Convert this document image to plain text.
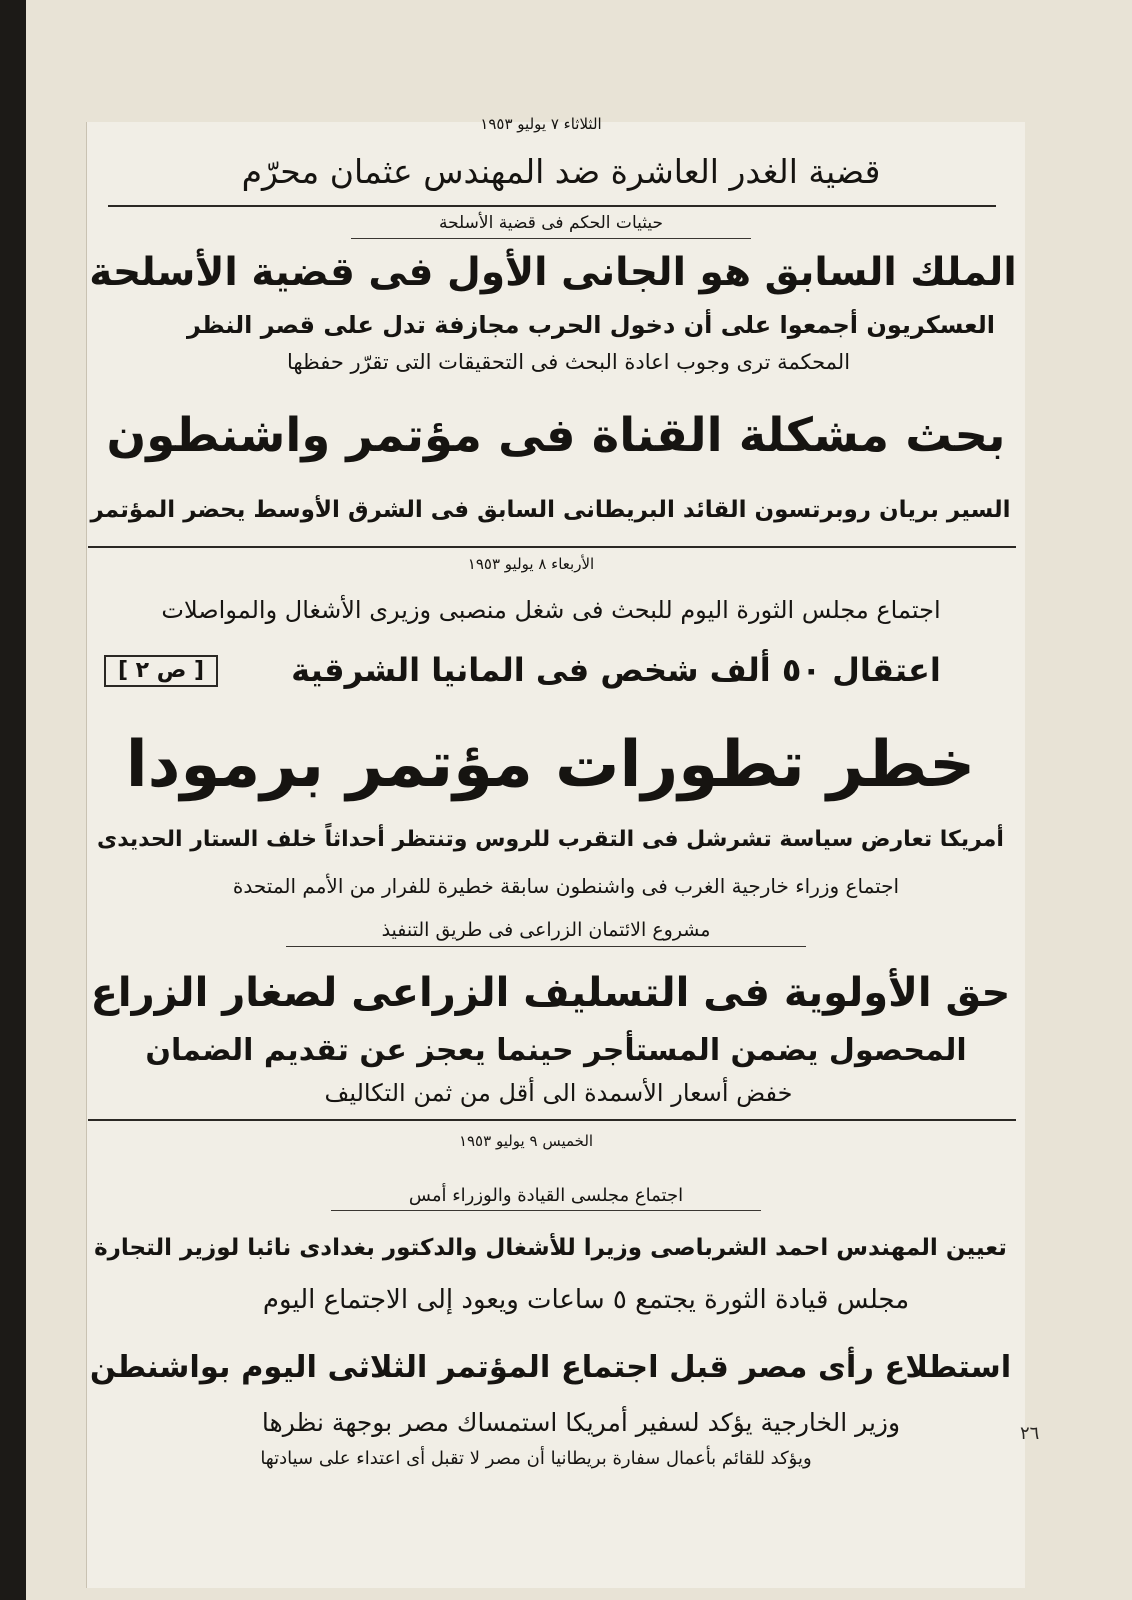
الثلاثاء ٧ يوليو ١٩٥٣
قضية الغدر العاشرة ضد المهندس عثمان محرّم
حيثيات الحكم فى قضية الأسلحة
الملك السابق هو الجانى الأول فى قضية الأسلحة
العسكريون أجمعوا على أن دخول الحرب مجازفة تدل على قصر النظر
المحكمة ترى وجوب اعادة البحث فى التحقيقات التى تقرّر حفظها
بحث مشكلة القناة فى مؤتمر واشنطون
السير بريان روبرتسون القائد البريطانى السابق فى الشرق الأوسط يحضر المؤتمر
الأربعاء ٨ يوليو ١٩٥٣
اجتماع مجلس الثورة اليوم للبحث فى شغل منصبى وزيرى الأشغال والمواصلات
[ ص ٢ ]	اعتقال ٥٠ ألف شخص فى المانيا الشرقية
خطر تطورات مؤتمر برمودا
أمريكا تعارض سياسة تشرشل فى التقرب للروس وتنتظر أحداثاً خلف الستار الحديدى
اجتماع وزراء خارجية الغرب فى واشنطون سابقة خطيرة للفرار من الأمم المتحدة
مشروع الائتمان الزراعى فى طريق التنفيذ
حق الأولوية فى التسليف الزراعى لصغار الزراع
المحصول يضمن المستأجر حينما يعجز عن تقديم الضمان
خفض أسعار الأسمدة الى أقل من ثمن التكاليف
الخميس ٩ يوليو ١٩٥٣
اجتماع مجلسى القيادة والوزراء أمس
تعيين المهندس احمد الشرباصى وزيرا للأشغال والدكتور بغدادى نائبا لوزير التجارة
مجلس قيادة الثورة يجتمع ٥ ساعات ويعود إلى الاجتماع اليوم
استطلاع رأى مصر قبل اجتماع المؤتمر الثلاثى اليوم بواشنطن
وزير الخارجية يؤكد لسفير أمريكا استمساك مصر بوجهة نظرها
ويؤكد للقائم بأعمال سفارة بريطانيا أن مصر لا تقبل أى اعتداء على سيادتها
٢٦
